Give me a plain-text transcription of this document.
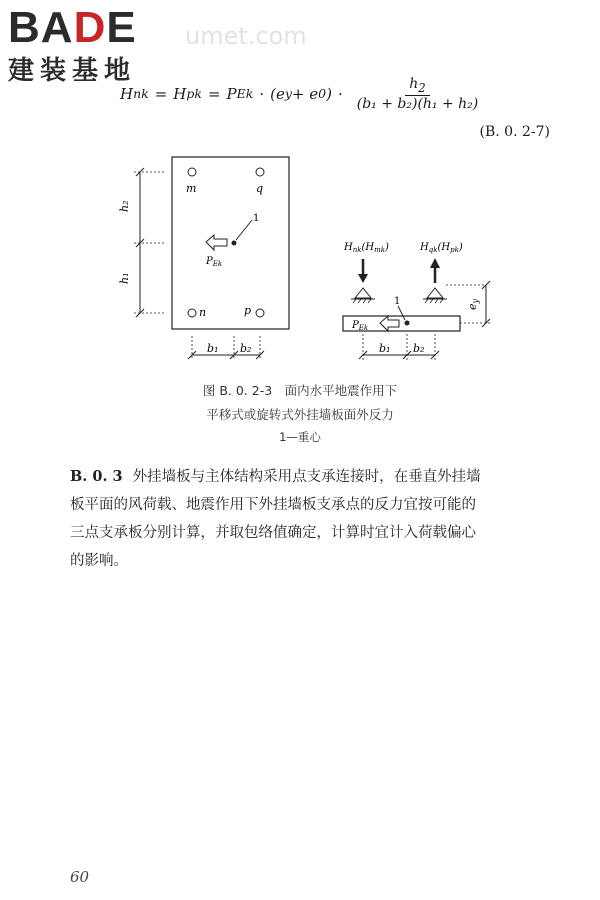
BADE
建装基地
umet.com
H nk = H pk = P Ek · (e y + e 0 ) · $\frac{h_2}{\text{(b₁ + b₂)(h₁ + h₂)}}$
(B. 0. 2-7)
m	q
n	p
1
$P_{Ek}$
h₂
h₁
b₁ b₂
$H_{nk}(H_{mk})$	$H_{qk}(H_{pk})$
1
$P_{Ek}$
ey
b₁ b₂
图 B. 0. 2-3　面内水平地震作用下
平移式或旋转式外挂墙板面外反力
1—重心
B. 0. 3 外挂墙板与主体结构采用点支承连接时，在垂直外挂墙
板平面的风荷载、地震作用下外挂墙板支承点的反力宜按可能的
三点支承板分别计算，并取包络值确定，计算时宜计入荷载偏心
的影响。
60
